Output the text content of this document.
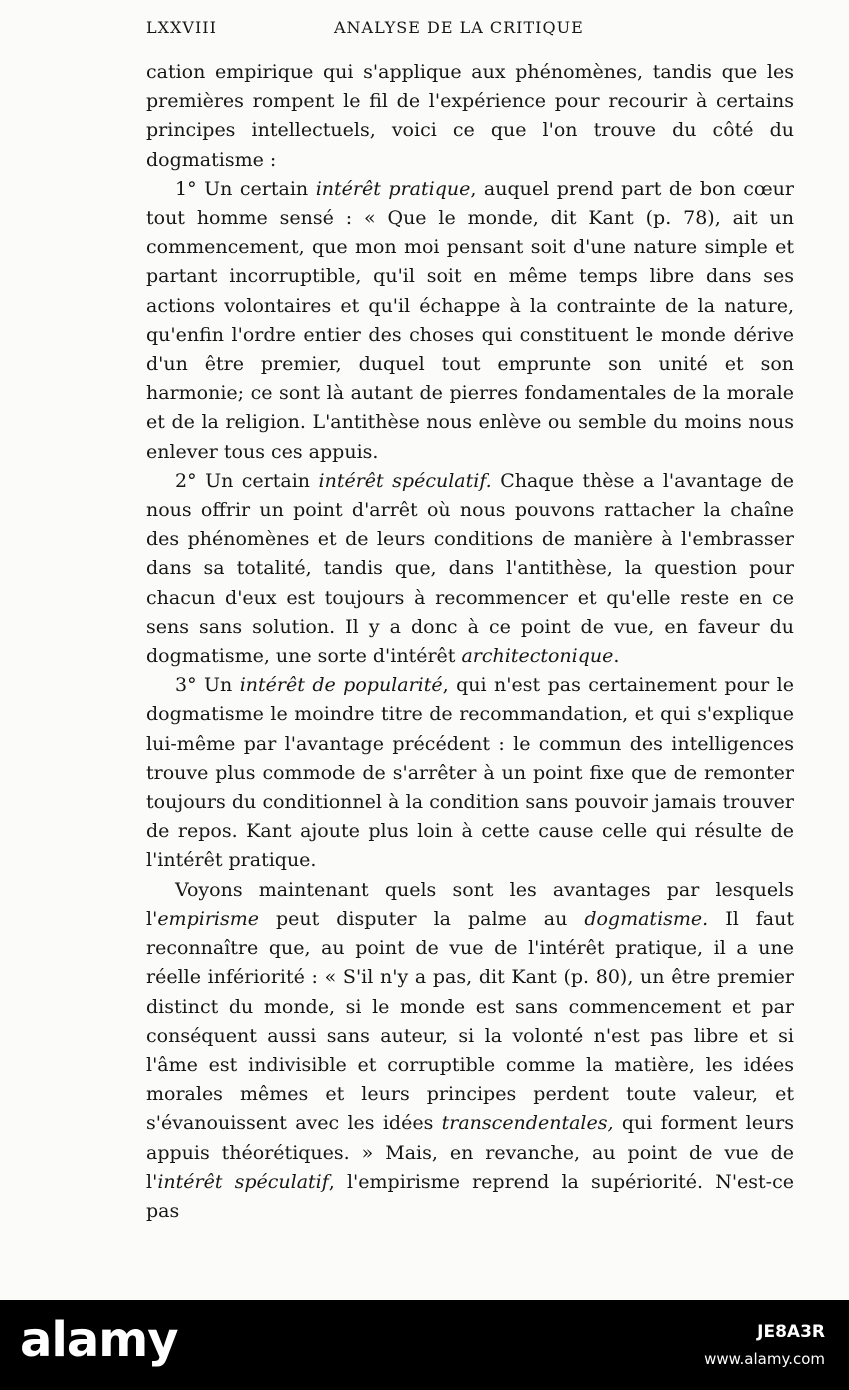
LXXVIII	ANALYSE DE LA CRITIQUE

cation empirique qui s'applique aux phénomènes, tandis que les premières rompent le fil de l'expérience pour recourir à certains principes intellectuels, voici ce que l'on trouve du côté du dogmatisme :

1° Un certain intérêt pratique, auquel prend part de bon cœur tout homme sensé : « Que le monde, dit Kant (p. 78), ait un commencement, que mon moi pensant soit d'une nature simple et partant incorruptible, qu'il soit en même temps libre dans ses actions volontaires et qu'il échappe à la contrainte de la nature, qu'enfin l'ordre entier des choses qui constituent le monde dérive d'un être premier, duquel tout emprunte son unité et son harmonie; ce sont là autant de pierres fondamentales de la morale et de la religion. L'antithèse nous enlève ou semble du moins nous enlever tous ces appuis.

2° Un certain intérêt spéculatif. Chaque thèse a l'avantage de nous offrir un point d'arrêt où nous pouvons rattacher la chaîne des phénomènes et de leurs conditions de manière à l'embrasser dans sa totalité, tandis que, dans l'antithèse, la question pour chacun d'eux est toujours à recommencer et qu'elle reste en ce sens sans solution. Il y a donc à ce point de vue, en faveur du dogmatisme, une sorte d'intérêt architectonique.

3° Un intérêt de popularité, qui n'est pas certainement pour le dogmatisme le moindre titre de recommandation, et qui s'explique lui-même par l'avantage précédent : le commun des intelligences trouve plus commode de s'arrêter à un point fixe que de remonter toujours du conditionnel à la condition sans pouvoir jamais trouver de repos. Kant ajoute plus loin à cette cause celle qui résulte de l'intérêt pratique.

Voyons maintenant quels sont les avantages par lesquels l'empirisme peut disputer la palme au dogmatisme. Il faut reconnaître que, au point de vue de l'intérêt pratique, il a une réelle infériorité : « S'il n'y a pas, dit Kant (p. 80), un être premier distinct du monde, si le monde est sans commencement et par conséquent aussi sans auteur, si la volonté n'est pas libre et si l'âme est indivisible et corruptible comme la matière, les idées morales mêmes et leurs principes perdent toute valeur, et s'évanouissent avec les idées transcendentales, qui forment leurs appuis théorétiques. » Mais, en revanche, au point de vue de l'intérêt spéculatif, l'empirisme reprend la supériorité. N'est-ce pas

alamy	JE8A3R
www.alamy.com
